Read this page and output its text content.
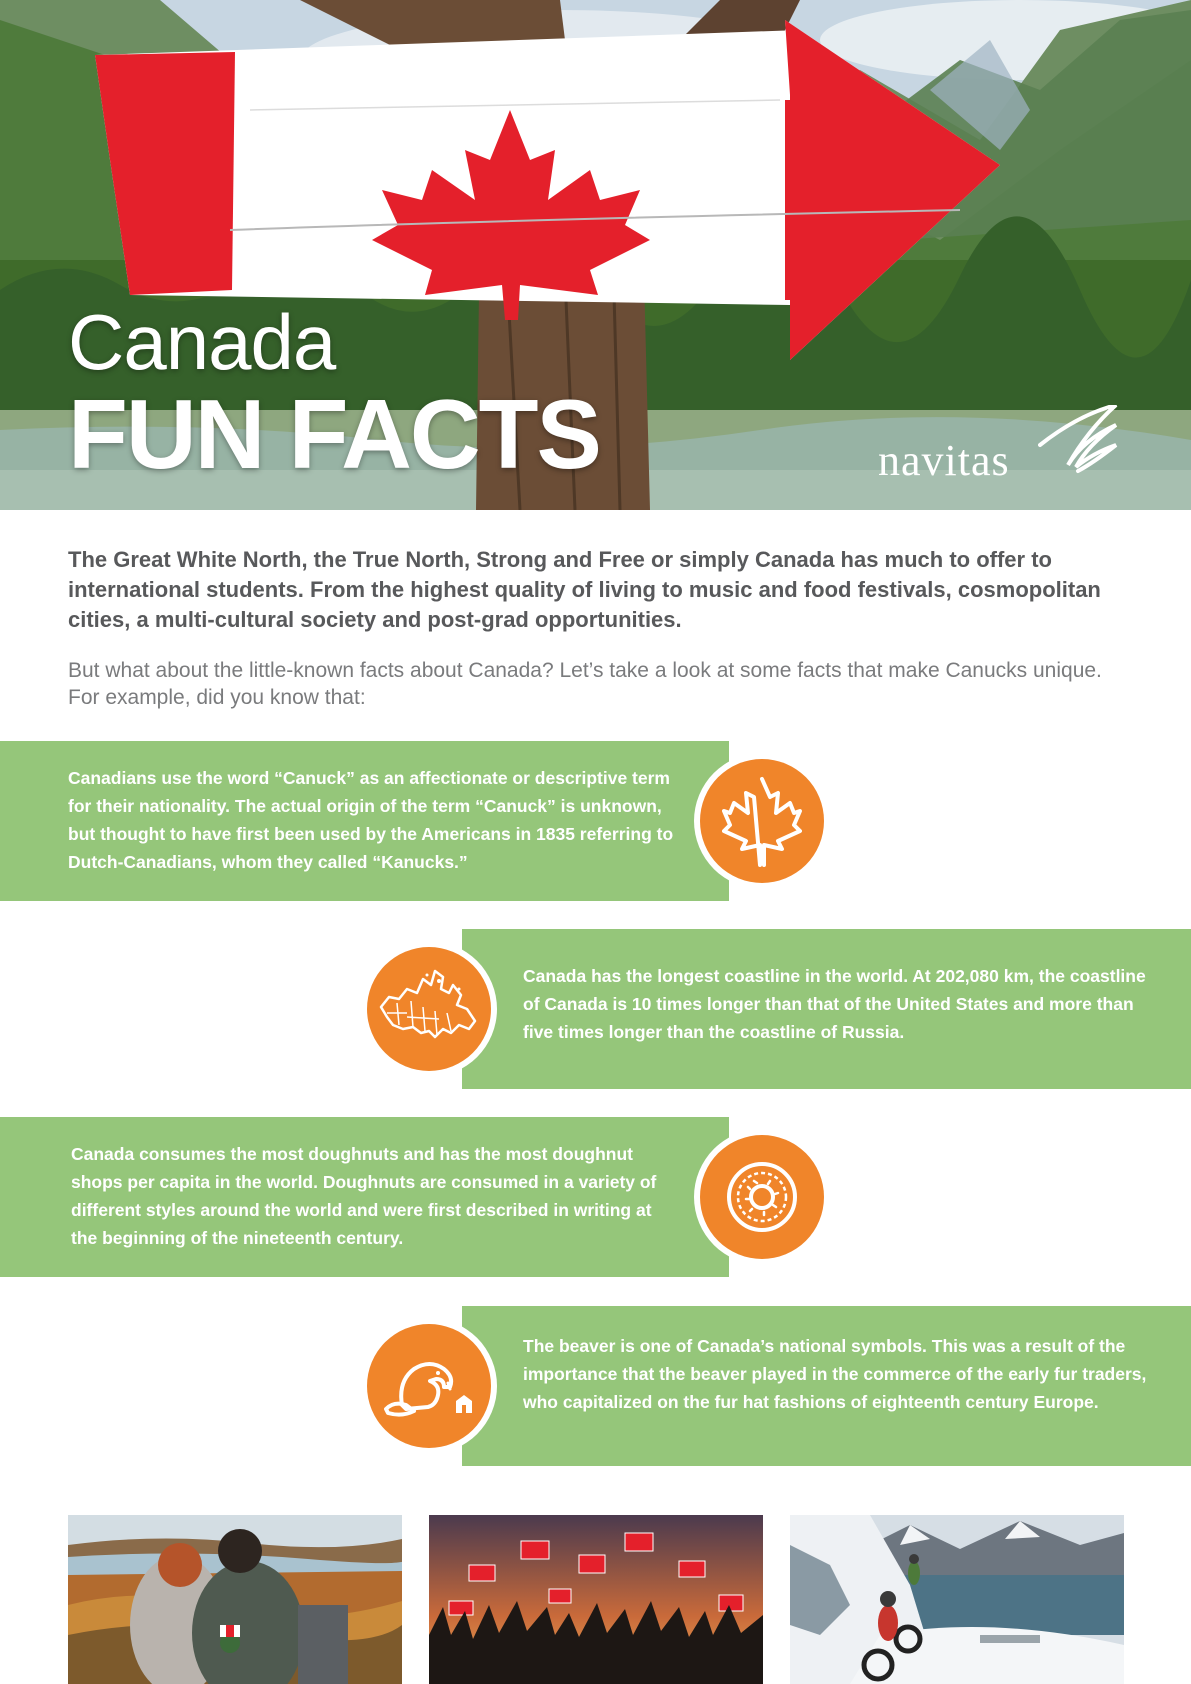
Canada
FUN FACTS	navitas

The Great White North, the True North, Strong and Free or simply Canada has much to offer to international students. From the highest quality of living to music and food festivals, cosmopolitan cities, a multi-cultural society and post-grad opportunities.

But what about the little-known facts about Canada? Let’s take a look at some facts that make Canucks unique. For example, did you know that:

Canadians use the word “Canuck” as an affectionate or descriptive term for their nationality. The actual origin of the term “Canuck” is unknown, but thought to have first been used by the Americans in 1835 referring to Dutch-Canadians, whom they called “Kanucks.”

Canada has the longest coastline in the world. At 202,080 km, the coastline of Canada is 10 times longer than that of the United States and more than five times longer than the coastline of Russia.

Canada consumes the most doughnuts and has the most doughnut shops per capita in the world. Doughnuts are consumed in a variety of different styles around the world and were first described in writing at the beginning of the nineteenth century.

The beaver is one of Canada’s national symbols. This was a result of the importance that the beaver played in the commerce of the early fur traders, who capitalized on the fur hat fashions of eighteenth century Europe.
